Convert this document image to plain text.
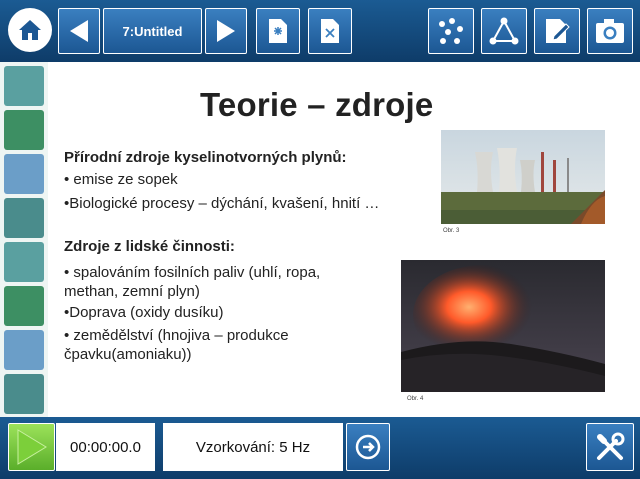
7:Untitled
Teorie – zdroje
Přírodní zdroje kyselinotvorných plynů:
• emise ze sopek
•Biologické procesy – dýchání, kvašení, hnití …
Zdroje z lidské činnosti:
• spalováním fosilních paliv (uhlí, ropa,
methan, zemní plyn)
•Doprava (oxidy dusíku)
• zemědělství (hnojiva – produkce
čpavku(amoniaku))
Obr. 3
Obr. 4
00:00:00.0	Vzorkování: 5 Hz
